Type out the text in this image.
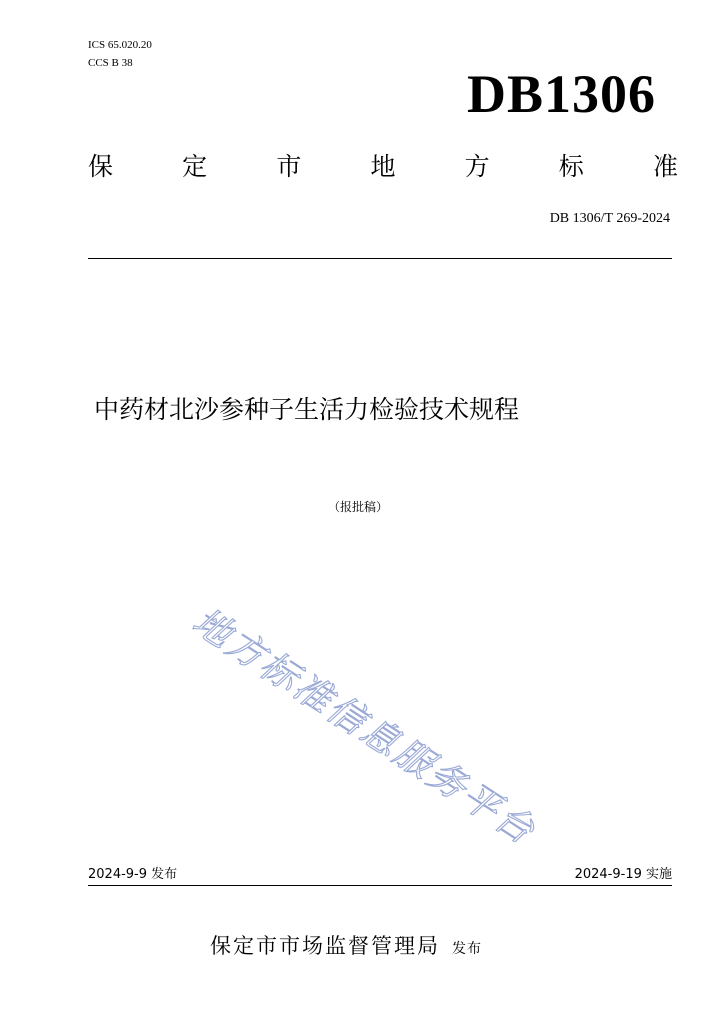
ICS 65.020.20
CCS B 38
DB1306
保	定	市	地	方	标	准
DB 1306/T 269-2024
中药材北沙参种子生活力检验技术规程
（报批稿）
地方标准信息服务平台
2024-9-9 发布	2024-9-19 实施
保定市市场监督管理局 发布
